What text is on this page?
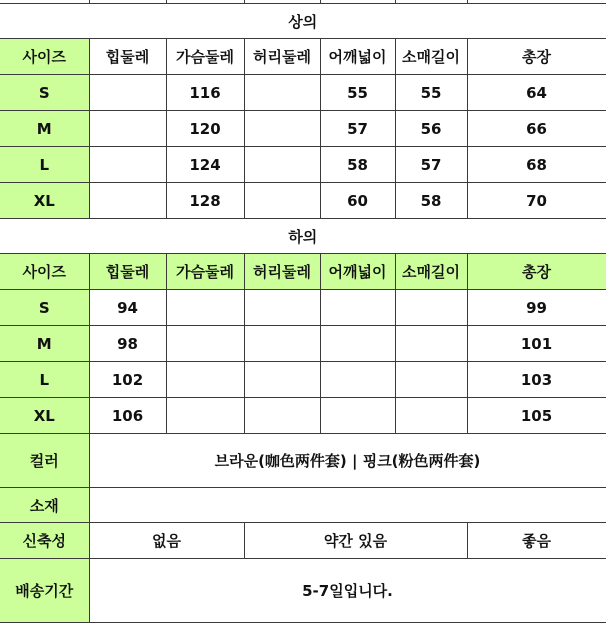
상의						
사이즈	힙둘레	가슴둘레	허리둘레	어깨넓이	소매길이	총장
S		116		55	55	64
M		120		57	56	66
L		124		58	57	68
XL		128		60	58	70
하의						
사이즈	힙둘레	가슴둘레	허리둘레	어깨넓이	소매길이	총장
S	94					99
M	98					101
L	102					103
XL	106					105
컬러	브라운(咖色两件套) | 핑크(粉色两件套)					
소재						
신축성	없음		약간 있음			좋음
배송기간	5-7일입니다.					
